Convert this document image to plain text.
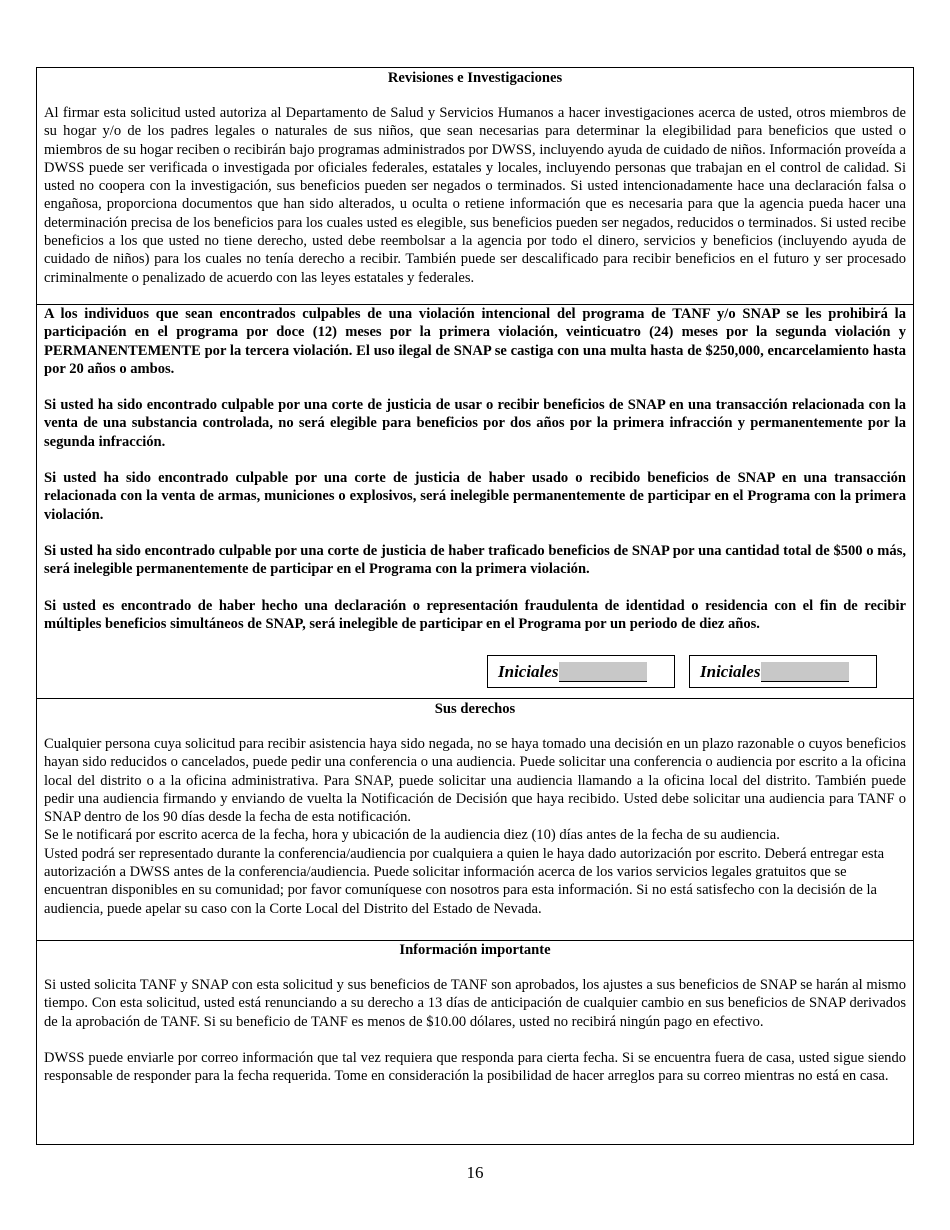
Revisiones e Investigaciones

Al firmar esta solicitud usted autoriza al Departamento de Salud y Servicios Humanos a hacer investigaciones acerca de usted, otros miembros de su hogar y/o de los padres legales o naturales de sus niños, que sean necesarias para determinar la elegibilidad para beneficios que usted o miembros de su hogar reciben o recibirán bajo programas administrados por DWSS, incluyendo ayuda de cuidado de niños. Información proveída a DWSS puede ser verificada o investigada por oficiales federales, estatales y locales, incluyendo personas que trabajan en el control de calidad. Si usted no coopera con la investigación, sus beneficios pueden ser negados o terminados. Si usted intencionadamente hace una declaración falsa o engañosa, proporciona documentos que han sido alterados, u oculta o retiene información que es necesaria para que la agencia pueda hacer una determinación precisa de los beneficios para los cuales usted es elegible, sus beneficios pueden ser negados, reducidos o terminados. Si usted recibe beneficios a los que usted no tiene derecho, usted debe reembolsar a la agencia por todo el dinero, servicios y beneficios (incluyendo ayuda de cuidado de niños) para los cuales no tenía derecho a recibir. También puede ser descalificado para recibir beneficios en el futuro y ser procesado criminalmente o penalizado de acuerdo con las leyes estatales y federales.

A los individuos que sean encontrados culpables de una violación intencional del programa de TANF y/o SNAP se les prohibirá la participación en el programa por doce (12) meses por la primera violación, veinticuatro (24) meses por la segunda violación y PERMANENTEMENTE por la tercera violación. El uso ilegal de SNAP se castiga con una multa hasta de $250,000, encarcelamiento hasta por 20 años o ambos.

Si usted ha sido encontrado culpable por una corte de justicia de usar o recibir beneficios de SNAP en una transacción relacionada con la venta de una substancia controlada, no será elegible para beneficios por dos años por la primera infracción y permanentemente por la segunda infracción.

Si usted ha sido encontrado culpable por una corte de justicia de haber usado o recibido beneficios de SNAP en una transacción relacionada con la venta de armas, municiones o explosivos, será inelegible permanentemente de participar en el Programa con la primera violación.

Si usted ha sido encontrado culpable por una corte de justicia de haber traficado beneficios de SNAP por una cantidad total de $500 o más, será inelegible permanentemente de participar en el Programa con la primera violación.

Si usted es encontrado de haber hecho una declaración o representación fraudulenta de identidad o residencia con el fin de recibir múltiples beneficios simultáneos de SNAP, será inelegible de participar en el Programa por un periodo de diez años.

Iniciales	Iniciales
Sus derechos

Cualquier persona cuya solicitud para recibir asistencia haya sido negada, no se haya tomado una decisión en un plazo razonable o cuyos beneficios hayan sido reducidos o cancelados, puede pedir una conferencia o una audiencia. Puede solicitar una conferencia o audiencia por escrito a la oficina local del distrito o a la oficina administrativa. Para SNAP, puede solicitar una audiencia llamando a la oficina local del distrito. También puede pedir una audiencia firmando y enviando de vuelta la Notificación de Decisión que haya recibido. Usted debe solicitar una audiencia para TANF o SNAP dentro de los 90 días desde la fecha de esta notificación.

Se le notificará por escrito acerca de la fecha, hora y ubicación de la audiencia diez (10) días antes de la fecha de su audiencia.

Usted podrá ser representado durante la conferencia/audiencia por cualquiera a quien le haya dado autorización por escrito. Deberá entregar esta autorización a DWSS antes de la conferencia/audiencia. Puede solicitar información acerca de los varios servicios legales gratuitos que se encuentran disponibles en su comunidad; por favor comuníquese con nosotros para esta información. Si no está satisfecho con la decisión de la audiencia, puede apelar su caso con la Corte Local del Distrito del Estado de Nevada.

Información importante

Si usted solicita TANF y SNAP con esta solicitud y sus beneficios de TANF son aprobados, los ajustes a sus beneficios de SNAP se harán al mismo tiempo. Con esta solicitud, usted está renunciando a su derecho a 13 días de anticipación de cualquier cambio en sus beneficios de SNAP derivados de la aprobación de TANF. Si su beneficio de TANF es menos de $10.00 dólares, usted no recibirá ningún pago en efectivo.

DWSS puede enviarle por correo información que tal vez requiera que responda para cierta fecha. Si se encuentra fuera de casa, usted sigue siendo responsable de responder para la fecha requerida. Tome en consideración la posibilidad de hacer arreglos para su correo mientras no está en casa.

16
